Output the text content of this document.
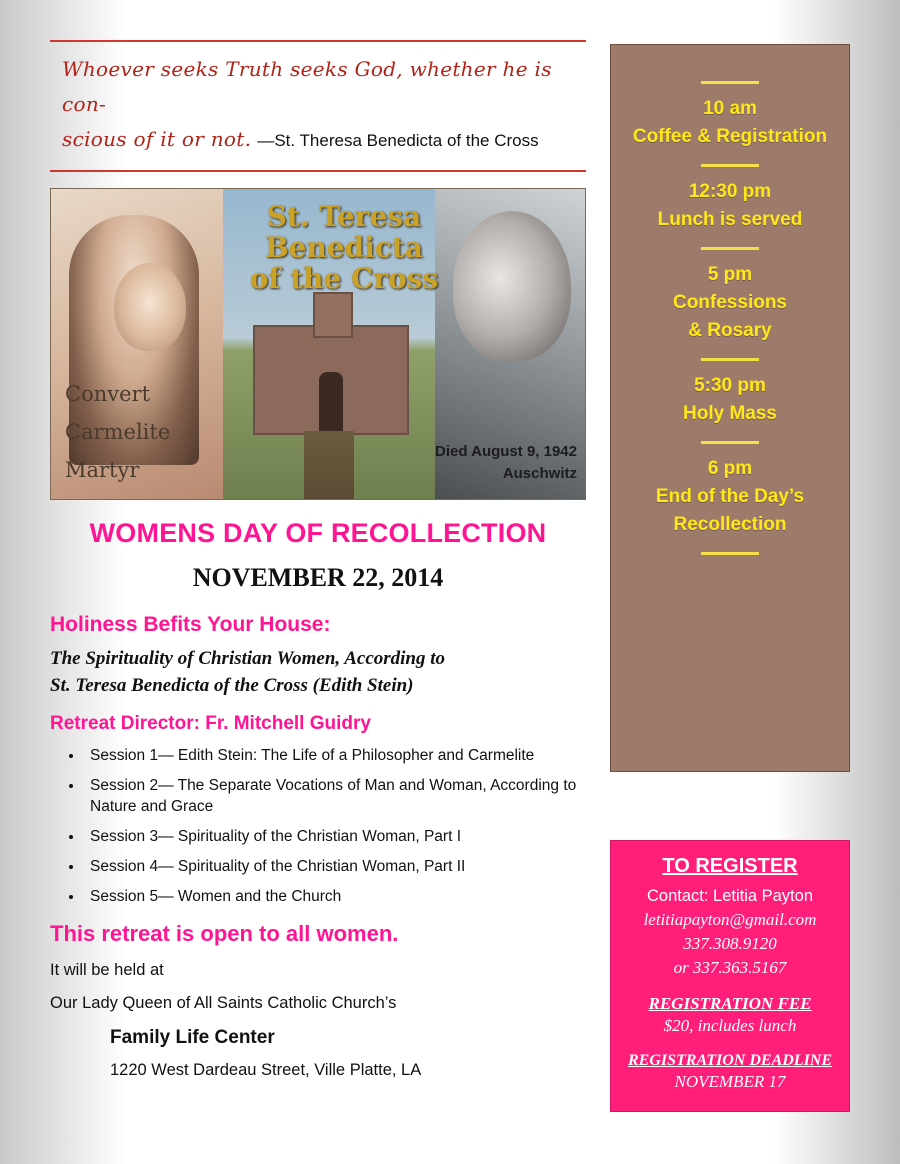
Whoever seeks Truth seeks God, whether he is con-
scious of it or not. —St. Theresa Benedicta of the Cross
Convert
Carmelite
Martyr
St. Teresa
Benedicta
of the Cross
Died August 9, 1942
Auschwitz
WOMENS DAY OF RECOLLECTION
NOVEMBER 22, 2014
Holiness Befits Your House:
The Spirituality of Christian Women, According to
St. Teresa Benedicta of the Cross (Edith Stein)
Retreat Director: Fr. Mitchell Guidry
• Session 1— Edith Stein: The Life of a Philosopher and Carmelite
• Session 2— The Separate Vocations of Man and Woman, According to Nature and Grace
• Session 3— Spirituality of the Christian Woman, Part I
• Session 4— Spirituality of the Christian Woman, Part II
• Session 5— Women and the Church
This retreat is open to all women.
It will be held at
Our Lady Queen of All Saints Catholic Church’s
Family Life Center
1220 West Dardeau Street, Ville Platte, LA
10 am
Coffee & Registration
12:30 pm
Lunch is served
5 pm
Confessions
& Rosary
5:30 pm
Holy Mass
6 pm
End of the Day’s
Recollection
TO REGISTER
Contact: Letitia Payton
letitiapayton@gmail.com
337.308.9120
or 337.363.5167
REGISTRATION FEE
$20, includes lunch
REGISTRATION DEADLINE
NOVEMBER 17
